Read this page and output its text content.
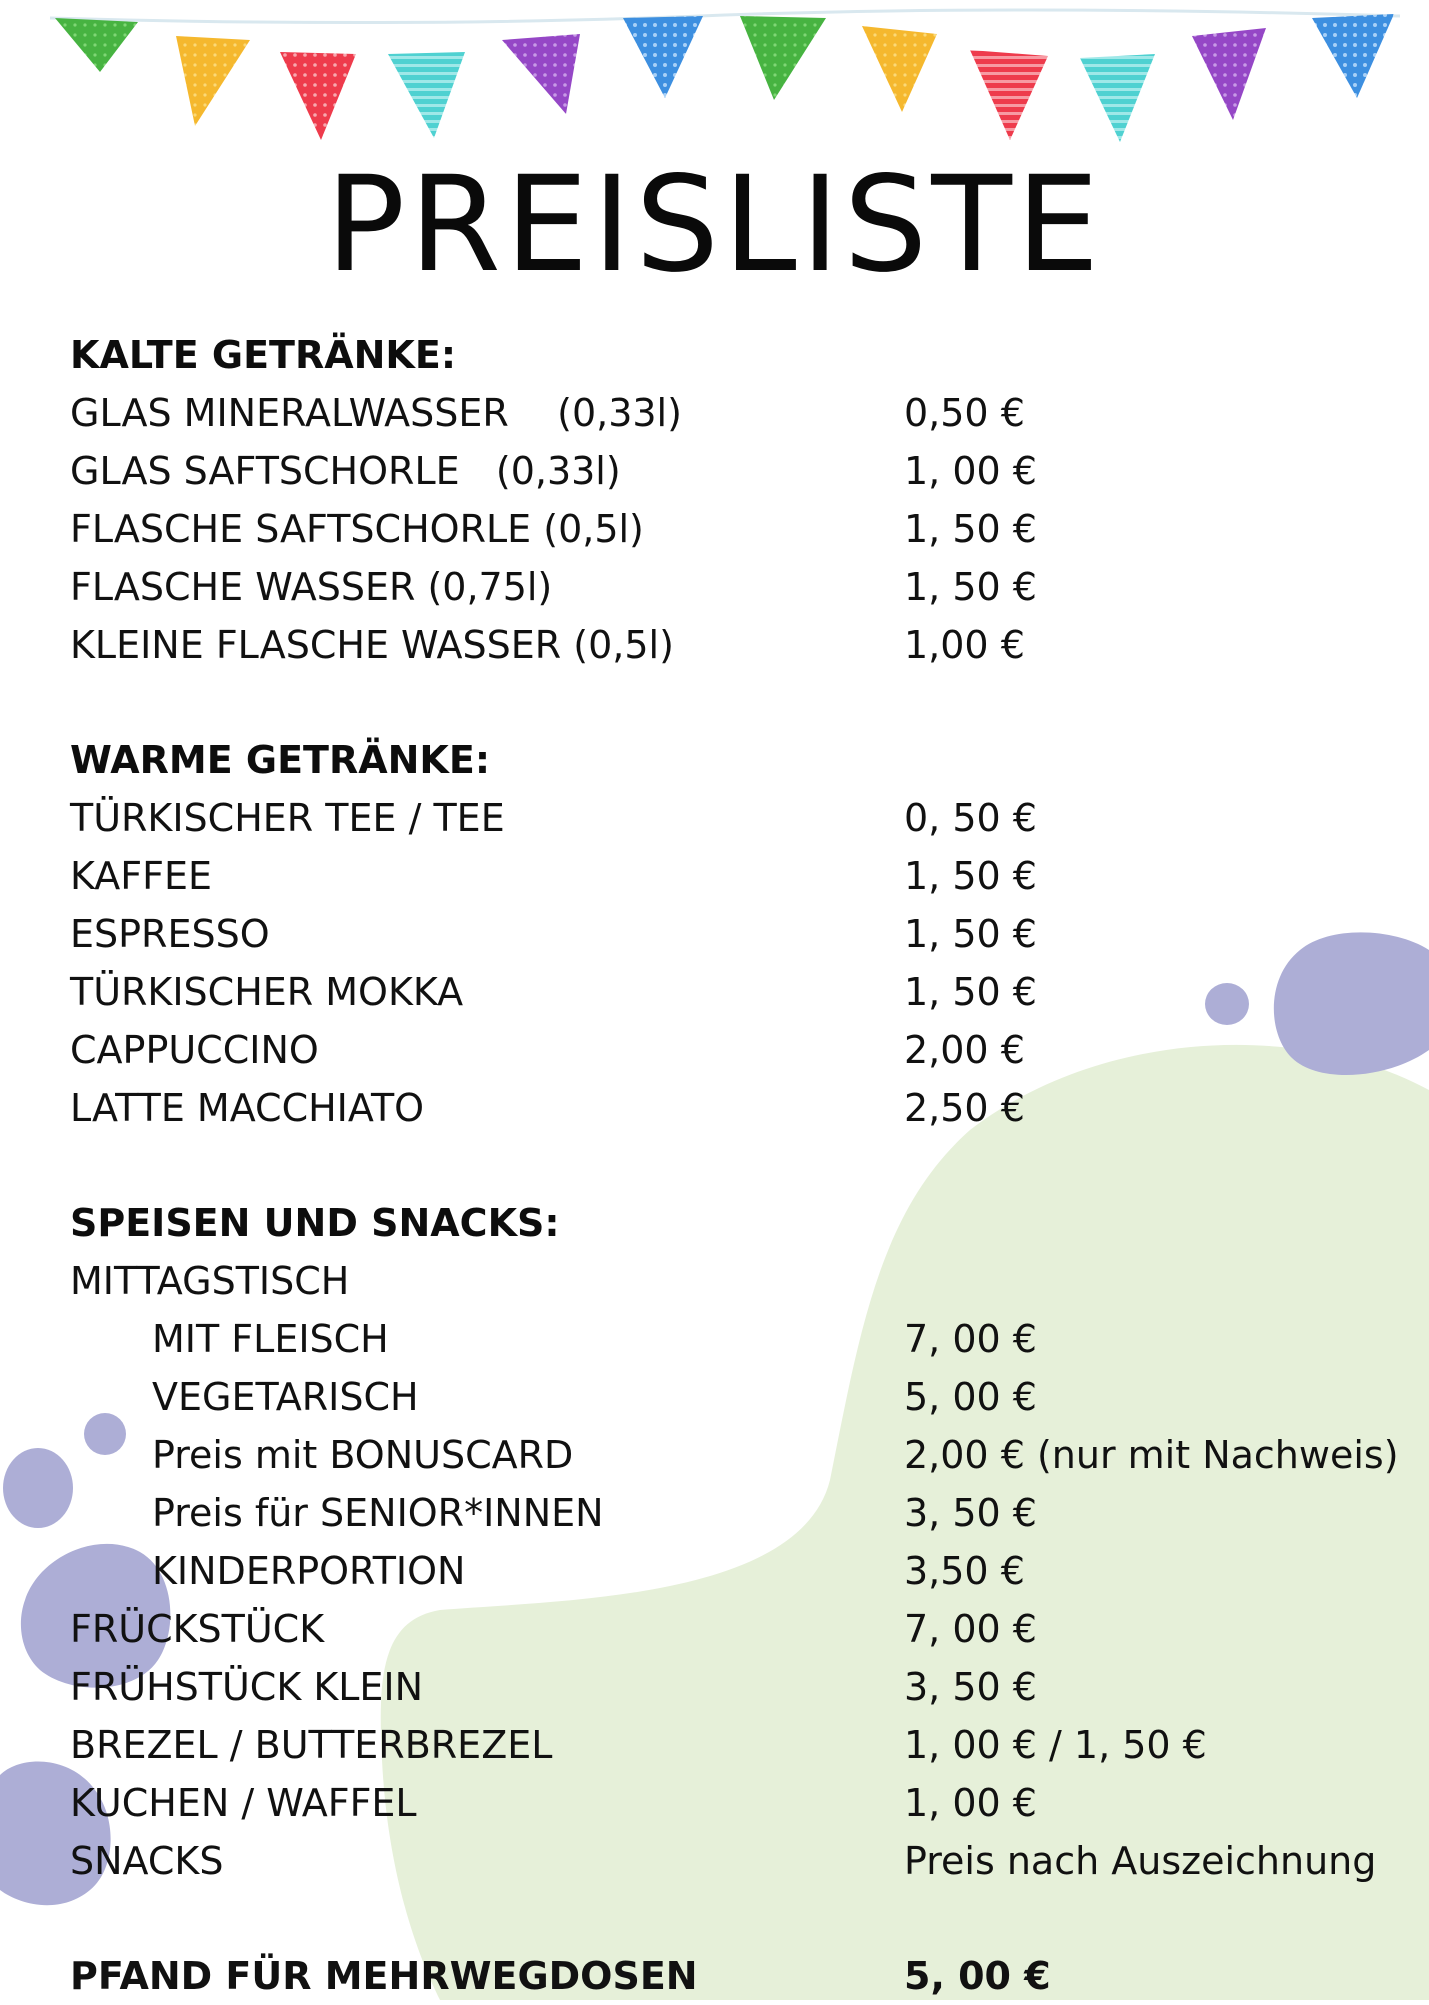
PREISLISTE
KALTE GETRÄNKE:
GLAS MINERALWASSER    (0,33l)	0,50 €
GLAS SAFTSCHORLE   (0,33l)	1, 00 €
FLASCHE SAFTSCHORLE (0,5l)	1, 50 €
FLASCHE WASSER (0,75l)	1, 50 €
KLEINE FLASCHE WASSER (0,5l)	1,00 €
WARME GETRÄNKE:
TÜRKISCHER TEE / TEE	0, 50 €
KAFFEE	1, 50 €
ESPRESSO	1, 50 €
TÜRKISCHER MOKKA	1, 50 €
CAPPUCCINO	2,00 €
LATTE MACCHIATO	2,50 €
SPEISEN UND SNACKS:
MITTAGSTISCH
MIT FLEISCH	7, 00 €
VEGETARISCH	5, 00 €
Preis mit BONUSCARD	2,00 € (nur mit Nachweis)
Preis für SENIOR*INNEN	3, 50 €
KINDERPORTION	3,50 €
FRÜCKSTÜCK	7, 00 €
FRÜHSTÜCK KLEIN	3, 50 €
BREZEL / BUTTERBREZEL	1, 00 € / 1, 50 €
KUCHEN / WAFFEL	1, 00 €
SNACKS	Preis nach Auszeichnung
PFAND FÜR MEHRWEGDOSEN	5, 00 €
